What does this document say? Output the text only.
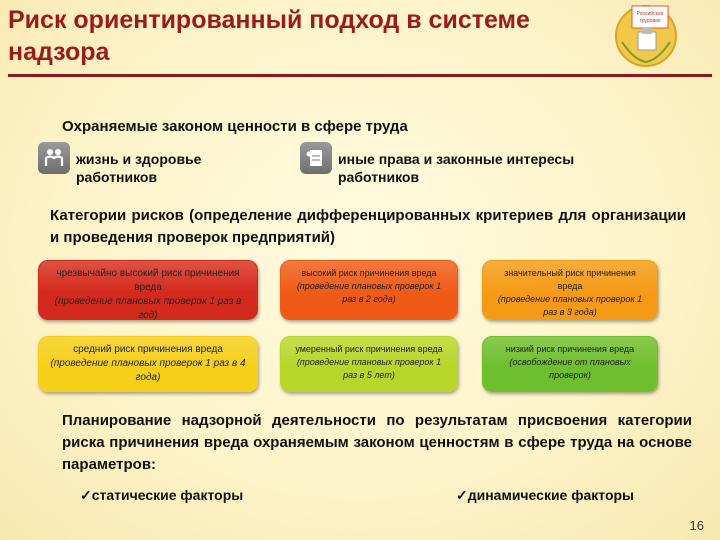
Риск ориентированный подход в системе надзора
Российская
трудовая
Охраняемые законом ценности в сфере труда
жизнь и здоровье работников
иные права и законные интересы работников
Категории рисков (определение дифференцированных критериев для организации и проведения проверок предприятий)
чрезвычайно высокий риск причинения вреда
(проведение плановых проверок 1 раз в год)
высокий риск причинения вреда
(проведение плановых проверок 1 раз в 2 года)
значительный риск причинения вреда
(проведение плановых проверок 1 раз в 3 года)
средний риск причинения вреда
(проведение плановых проверок 1 раз в 4 года)
умеренный риск причинения вреда
(проведение плановых проверок 1 раз в 5 лет)
низкий риск причинения вреда
(освобождение от плановых проверок)
Планирование надзорной деятельности по результатам присвоения категории риска причинения вреда охраняемым законом ценностям в сфере труда на основе параметров:
✓статические факторы	✓динамические факторы
16
